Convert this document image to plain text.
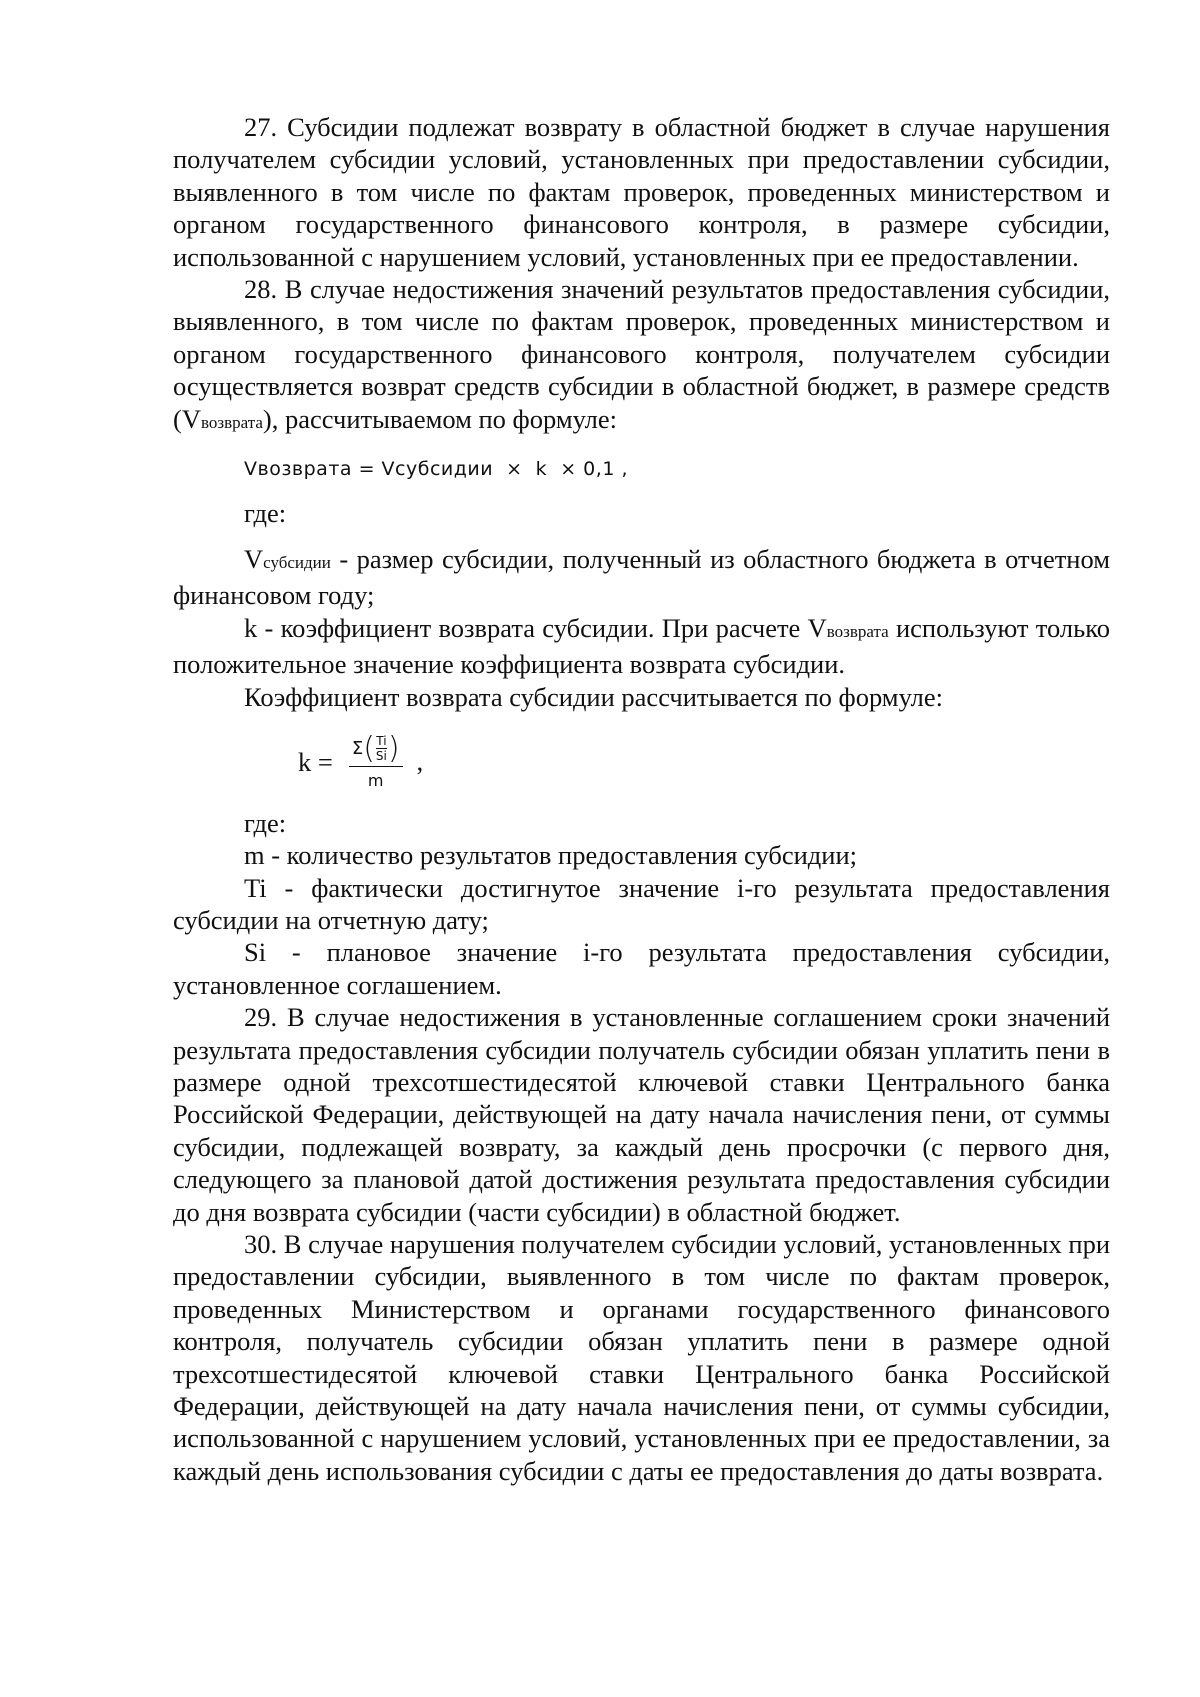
27. Субсидии подлежат возврату в областной бюджет в случае нарушения получателем субсидии условий, установленных при предоставлении субсидии, выявленного в том числе по фактам проверок, проведенных министерством и органом государственного финансового контроля, в размере субсидии, использованной с нарушением условий, установленных при ее предоставлении.

28. В случае недостижения значений результатов предоставления субсидии, выявленного, в том числе по фактам проверок, проведенных министерством и органом государственного финансового контроля, получателем субсидии осуществляется возврат средств субсидии в областной бюджет, в размере средств (Vвозврата), рассчитываемом по формуле:

Vвозврата = Vсубсидии  ×  k  × 0,1 ,
где:

Vсубсидии - размер субсидии, полученный из областного бюджета в отчетном финансовом году;

k - коэффициент возврата субсидии. При расчете Vвозврата используют только положительное значение коэффициента возврата субсидии.

Коэффициент возврата субсидии рассчитывается по формуле:

k = Σ ( $\frac{Ti}{Si}$ )
m
,
где:

m - количество результатов предоставления субсидии;

Ti - фактически достигнутое значение i-го результата предоставления субсидии на отчетную дату;

Si - плановое значение i-го результата предоставления субсидии, установленное соглашением.

29. В случае недостижения в установленные соглашением сроки значений результата предоставления субсидии получатель субсидии обязан уплатить пени в размере одной трехсотшестидесятой ключевой ставки Центрального банка Российской Федерации, действующей на дату начала начисления пени, от суммы субсидии, подлежащей возврату, за каждый день просрочки (с первого дня, следующего за плановой датой достижения результата предоставления субсидии до дня возврата субсидии (части субсидии) в областной бюджет.

30. В случае нарушения получателем субсидии условий, установленных при предоставлении субсидии, выявленного в том числе по фактам проверок, проведенных Министерством и органами государственного финансового контроля, получатель субсидии обязан уплатить пени в размере одной трехсотшестидесятой ключевой ставки Центрального банка Российской Федерации, действующей на дату начала начисления пени, от суммы субсидии, использованной с нарушением условий, установленных при ее предоставлении, за каждый день использования субсидии с даты ее предоставления до даты возврата.
